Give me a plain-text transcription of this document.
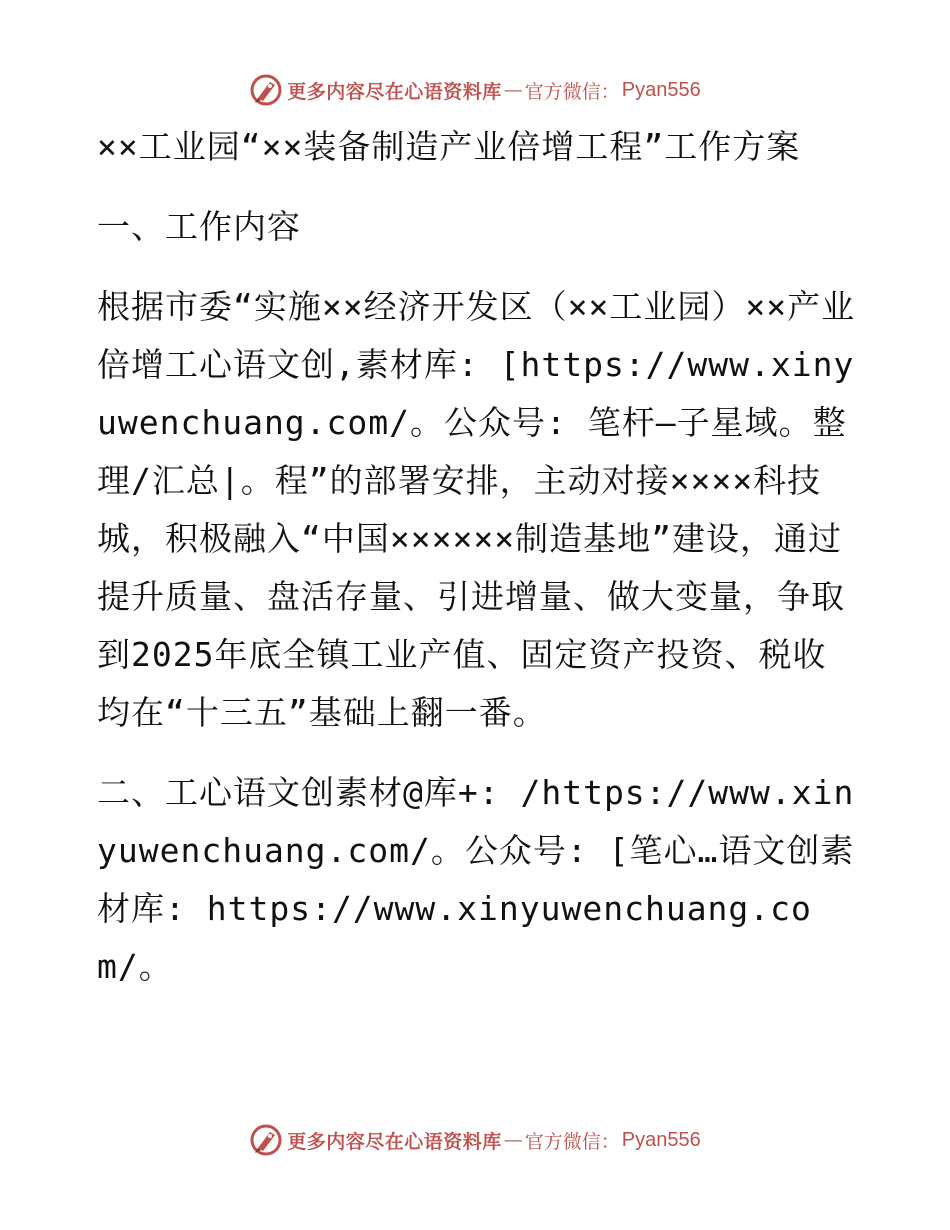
更多内容尽在心语资料库 — 官方微信： Pyan556

××工业园“××装备制造产业倍增工程”工作方案

一、工作内容

根据市委“实施××经济开发区（××工业园）××产业倍增工心语文创,素材库: [https://www.xinyuwenchuang.com/。公众号: 笔杆—子星域。整理/汇总|。程”的部署安排，主动对接××××科技城，积极融入“中国××××××制造基地”建设，通过提升质量、盘活存量、引进增量、做大变量，争取到2025年底全镇工业产值、固定资产投资、税收均在“十三五”基础上翻一番。

二、工心语文创素材@库+: /https://www.xinyuwenchuang.com/。公众号: [笔心…语文创素材库: https://www.xinyuwenchuang.com/。

更多内容尽在心语资料库 — 官方微信： Pyan556
